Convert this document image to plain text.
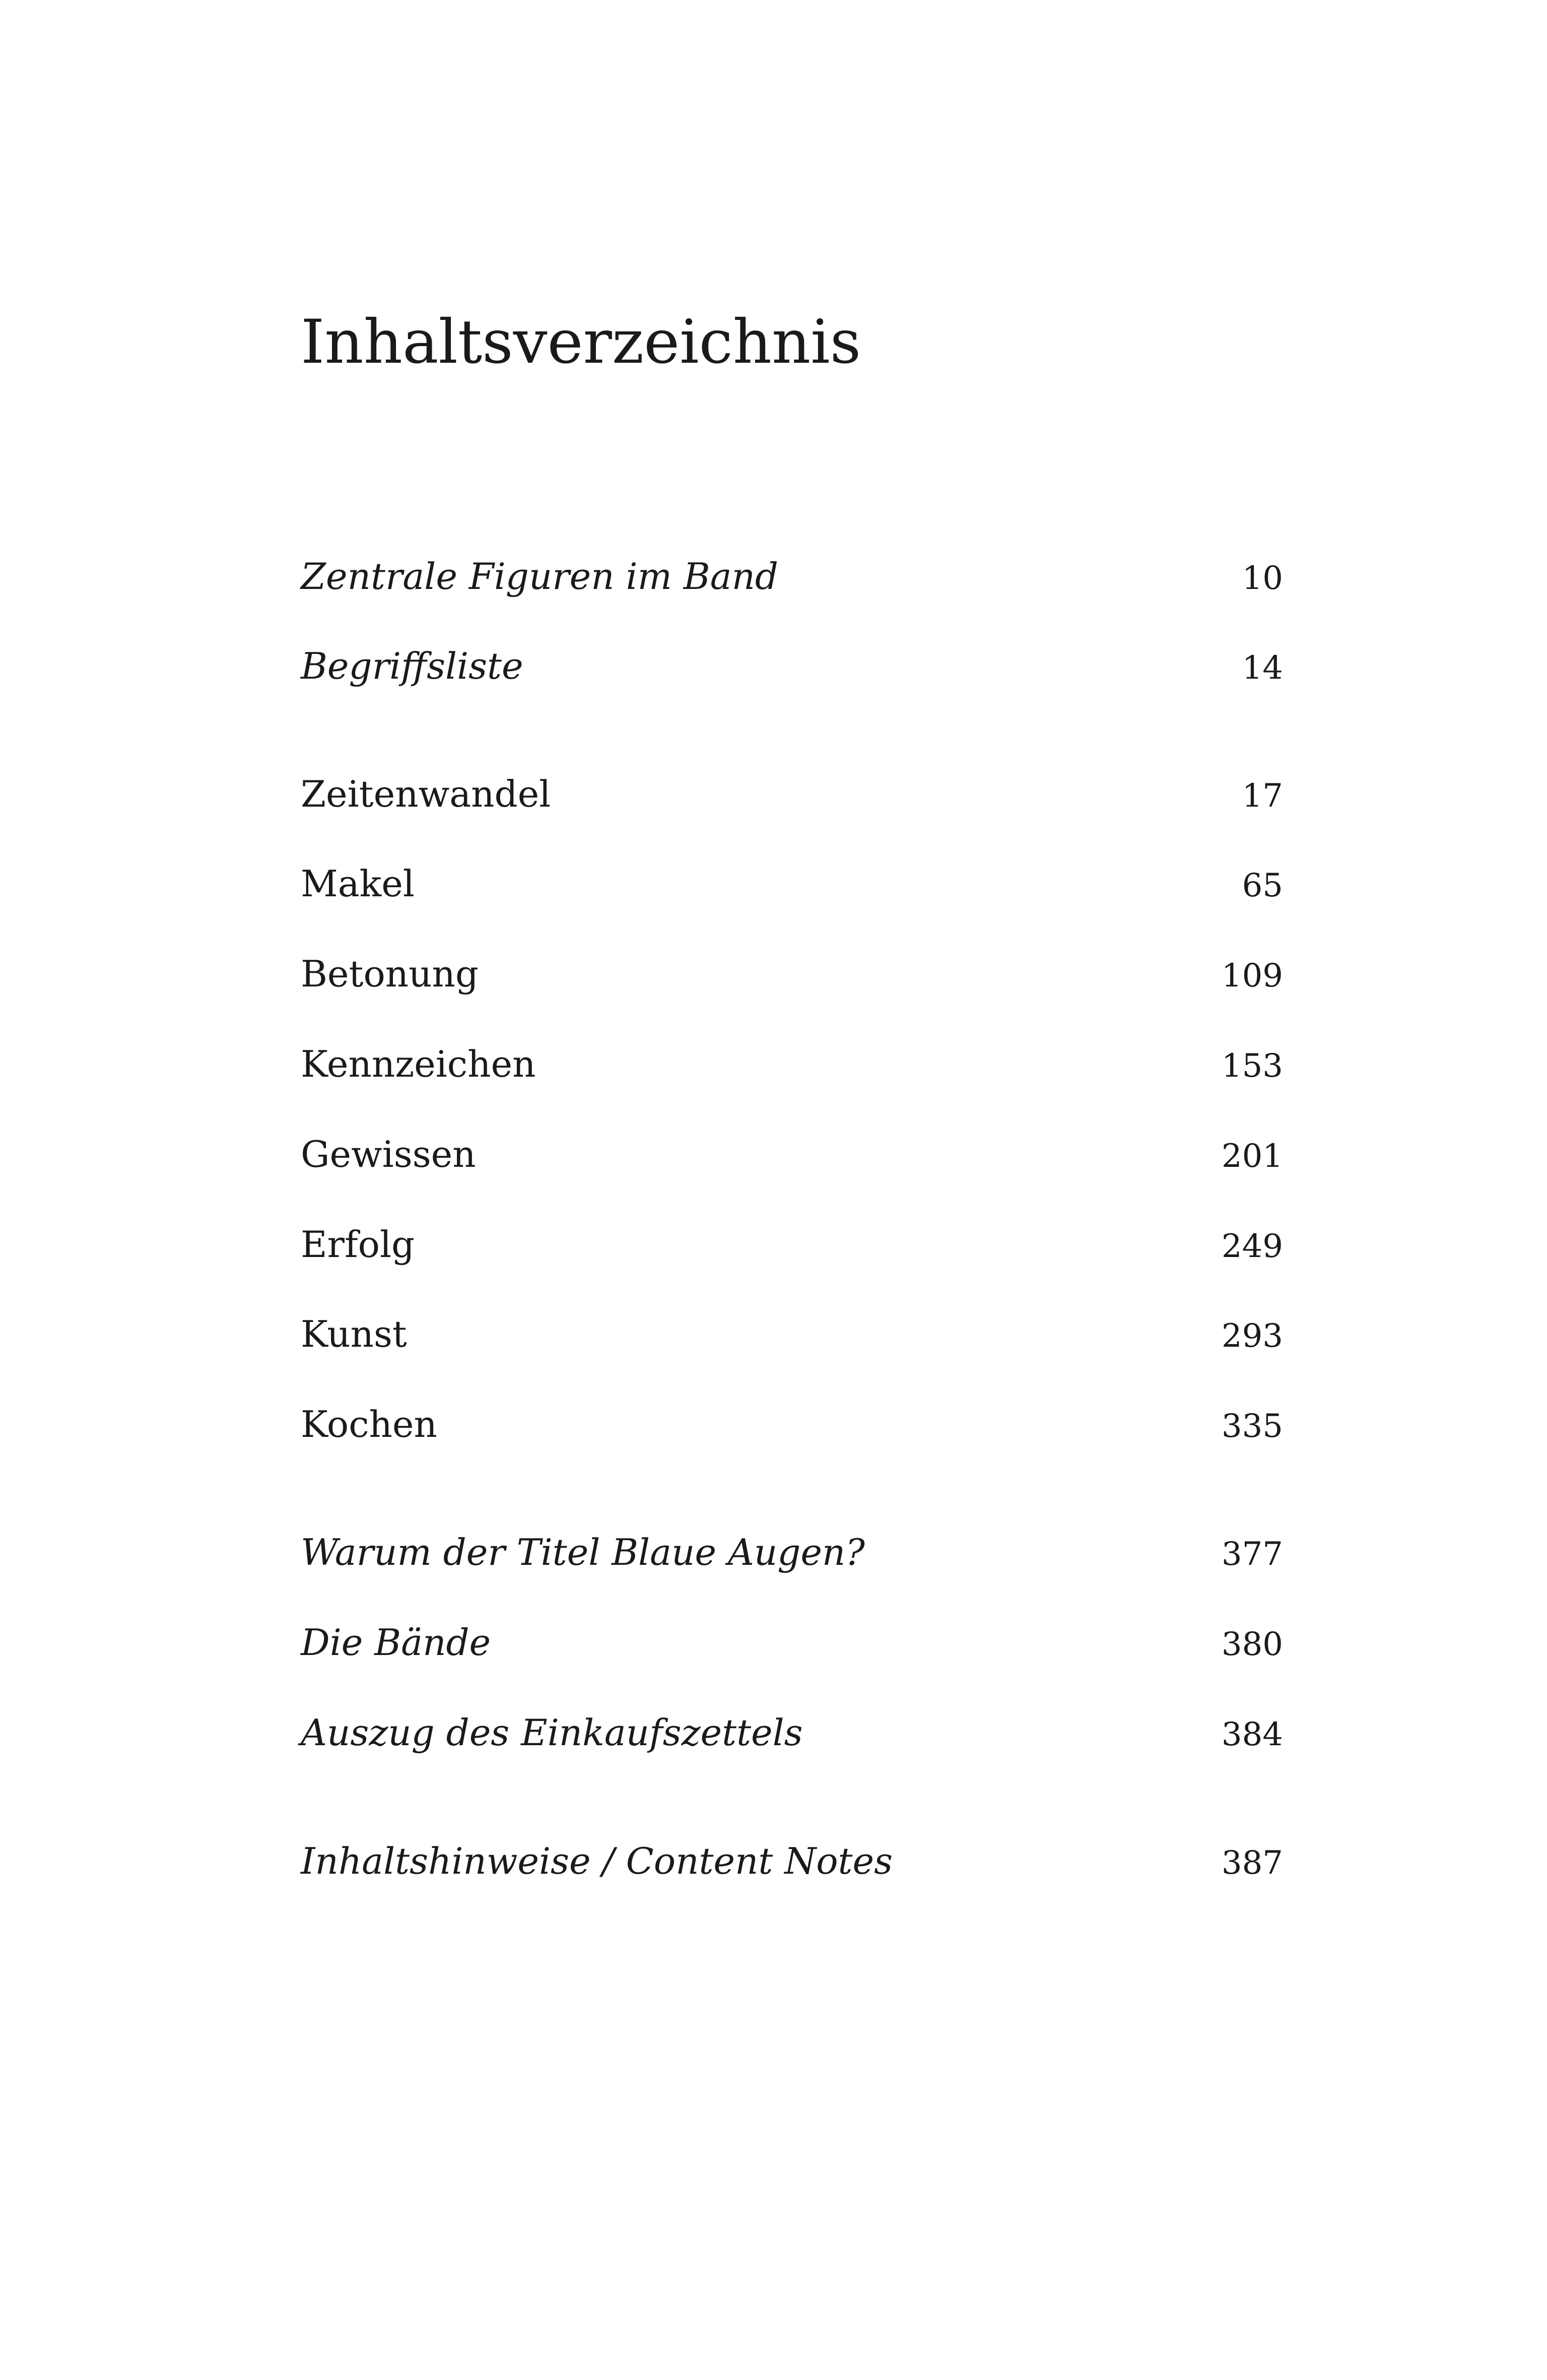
Inhaltsverzeichnis
Zentrale Figuren im Band	10
Begriffsliste	14
Zeitenwandel	17
Makel	65
Betonung	109
Kennzeichen	153
Gewissen	201
Erfolg	249
Kunst	293
Kochen	335
Warum der Titel Blaue Augen?	377
Die Bände	380
Auszug des Einkaufszettels	384
Inhaltshinweise / Content Notes	387
